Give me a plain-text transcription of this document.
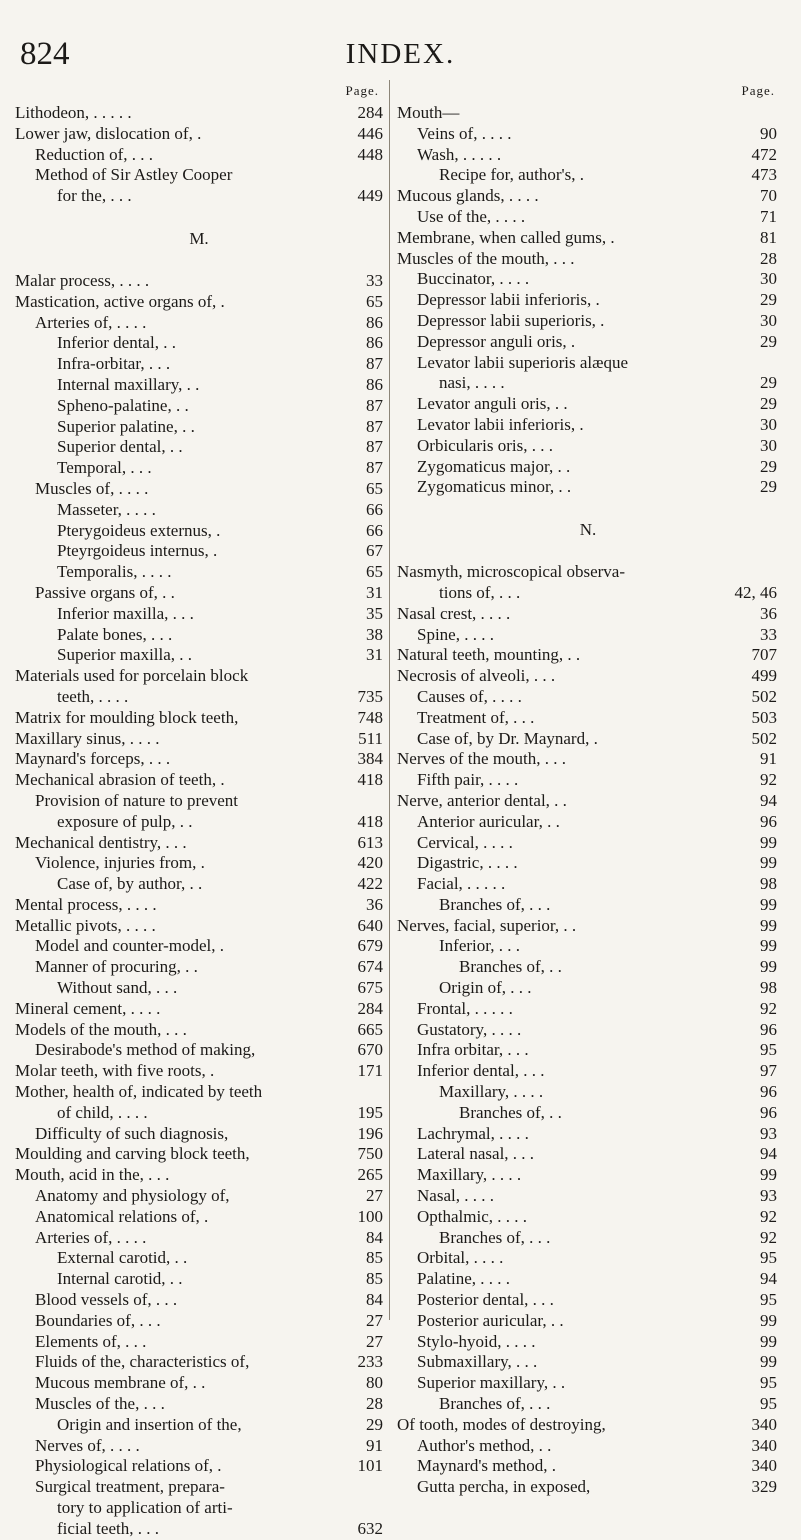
824	INDEX.
Page.
Lithodeon, . . . . .	284
Lower jaw, dislocation of, .	446
Reduction of, . . .	448
Method of Sir Astley Cooper
for the, . . .	449
M.
Malar process, . . . .	33
Mastication, active organs of, .	65
Arteries of, . . . .	86
Inferior dental, . .	86
Infra-orbitar, . . .	87
Internal maxillary, . .	86
Spheno-palatine, . .	87
Superior palatine, . .	87
Superior dental, . .	87
Temporal, . . .	87
Muscles of, . . . .	65
Masseter, . . . .	66
Pterygoideus externus, .	66
Pteyrgoideus internus, .	67
Temporalis, . . . .	65
Passive organs of, . .	31
Inferior maxilla, . . .	35
Palate bones, . . .	38
Superior maxilla, . .	31
Materials used for porcelain block
teeth, . . . .	735
Matrix for moulding block teeth,	748
Maxillary sinus, . . . .	511
Maynard's forceps, . . .	384
Mechanical abrasion of teeth, .	418
Provision of nature to prevent
exposure of pulp, . .	418
Mechanical dentistry, . . .	613
Violence, injuries from, .	420
Case of, by author, . .	422
Mental process, . . . .	36
Metallic pivots, . . . .	640
Model and counter-model, .	679
Manner of procuring, . .	674
Without sand, . . .	675
Mineral cement, . . . .	284
Models of the mouth, . . .	665
Desirabode's method of making,	670
Molar teeth, with five roots, .	171
Mother, health of, indicated by teeth
of child, . . . .	195
Difficulty of such diagnosis,	196
Moulding and carving block teeth,	750
Mouth, acid in the, . . .	265
Anatomy and physiology of,	27
Anatomical relations of, .	100
Arteries of, . . . .	84
External carotid, . .	85
Internal carotid, . .	85
Blood vessels of, . . .	84
Boundaries of, . . .	27
Elements of, . . .	27
Fluids of the, characteristics of,	233
Mucous membrane of, . .	80
Muscles of the, . . .	28
Origin and insertion of the,	29
Nerves of, . . . .	91
Physiological relations of, .	101
Surgical treatment, prepara-
tory to application of arti-
ficial teeth, . . .	632
Page.
Mouth—
Veins of, . . . .	90
Wash, . . . . .	472
Recipe for, author's, .	473
Mucous glands, . . . .	70
Use of the, . . . .	71
Membrane, when called gums, .	81
Muscles of the mouth, . . .	28
Buccinator, . . . .	30
Depressor labii inferioris, .	29
Depressor labii superioris, .	30
Depressor anguli oris, .	29
Levator labii superioris alæque
nasi, . . . .	29
Levator anguli oris, . .	29
Levator labii inferioris, .	30
Orbicularis oris, . . .	30
Zygomaticus major, . .	29
Zygomaticus minor, . .	29
N.
Nasmyth, microscopical observa-
tions of, . . .	42, 46
Nasal crest, . . . .	36
Spine, . . . .	33
Natural teeth, mounting, . .	707
Necrosis of alveoli, . . .	499
Causes of, . . . .	502
Treatment of, . . .	503
Case of, by Dr. Maynard, .	502
Nerves of the mouth, . . .	91
Fifth pair, . . . .	92
Nerve, anterior dental, . .	94
Anterior auricular, . .	96
Cervical, . . . .	99
Digastric, . . . .	99
Facial, . . . . .	98
Branches of, . . .	99
Nerves, facial, superior, . .	99
Inferior, . . .	99
Branches of, . .	99
Origin of, . . .	98
Frontal, . . . . .	92
Gustatory, . . . .	96
Infra orbitar, . . .	95
Inferior dental, . . .	97
Maxillary, . . . .	96
Branches of, . .	96
Lachrymal, . . . .	93
Lateral nasal, . . .	94
Maxillary, . . . .	99
Nasal, . . . .	93
Opthalmic, . . . .	92
Branches of, . . .	92
Orbital, . . . .	95
Palatine, . . . .	94
Posterior dental, . . .	95
Posterior auricular, . .	99
Stylo-hyoid, . . . .	99
Submaxillary, . . .	99
Superior maxillary, . .	95
Branches of, . . .	95
Of tooth, modes of destroying,	340
Author's method, . .	340
Maynard's method, .	340
Gutta percha, in exposed,	329
